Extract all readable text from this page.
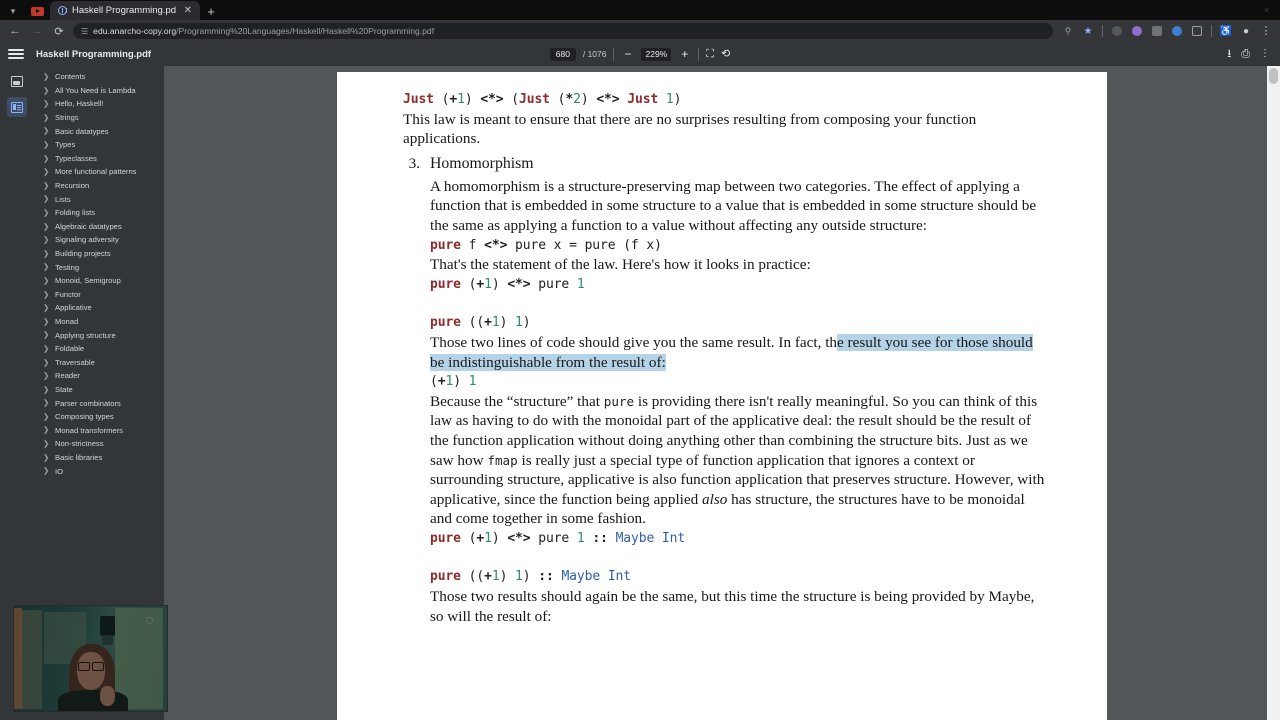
▾	Haskell Programming.pd ✕	+	✕
←	→	⟳	☰ edu.anarcho-copy.org/Programming%20Languages/Haskell/Haskell%20Programming.pdf	⚲ ★	♿ ● ⋮
Haskell Programming.pdf	680	/ 1076 −	229%	+ ⛶ ⟲	⭳ ⎙ ⋮
❯ Contents
❯ All You Need is Lambda
❯ Hello, Haskell!
❯ Strings
❯ Basic datatypes
❯ Types
❯ Typeclasses
❯ More functional patterns
❯ Recursion
❯ Lists
❯ Folding lists
❯ Algebraic datatypes
❯ Signaling adversity
❯ Building projects
❯ Testing
❯ Monoid, Semigroup
❯ Functor
❯ Applicative
❯ Monad
❯ Applying structure
❯ Foldable
❯ Traversable
❯ Reader
❯ State
❯ Parser combinators
❯ Composing types
❯ Monad transformers
❯ Non-strictness
❯ Basic libraries
❯ IO
Just (+1) <*> (Just (*2) <*> Just 1)
This law is meant to ensure that there are no surprises resulting from composing your function applications.
3. Homomorphism
A homomorphism is a structure-preserving map between two categories. The effect of applying a function that is embedded in some structure to a value that is embedded in some structure should be the same as applying a function to a value without affecting any outside structure:
pure f <*> pure x = pure (f x)
That's the statement of the law. Here's how it looks in practice:
pure (+1) <*> pure 1
pure ((+1) 1)
Those two lines of code should give you the same result. In fact, the result you see for those should be indistinguishable from the result of:
(+1) 1
Because the “structure” that pure is providing there isn't really meaningful. So you can think of this law as having to do with the monoidal part of the applicative deal: the result should be the result of the function application without doing anything other than combining the structure bits. Just as we saw how fmap is really just a special type of function application that ignores a context or surrounding structure, applicative is also function application that preserves structure. However, with applicative, since the function being applied also has structure, the structures have to be monoidal and come together in some fashion.
pure (+1) <*> pure 1 :: Maybe Int
pure ((+1) 1) :: Maybe Int
Those two results should again be the same, but this time the structure is being provided by Maybe, so will the result of:
